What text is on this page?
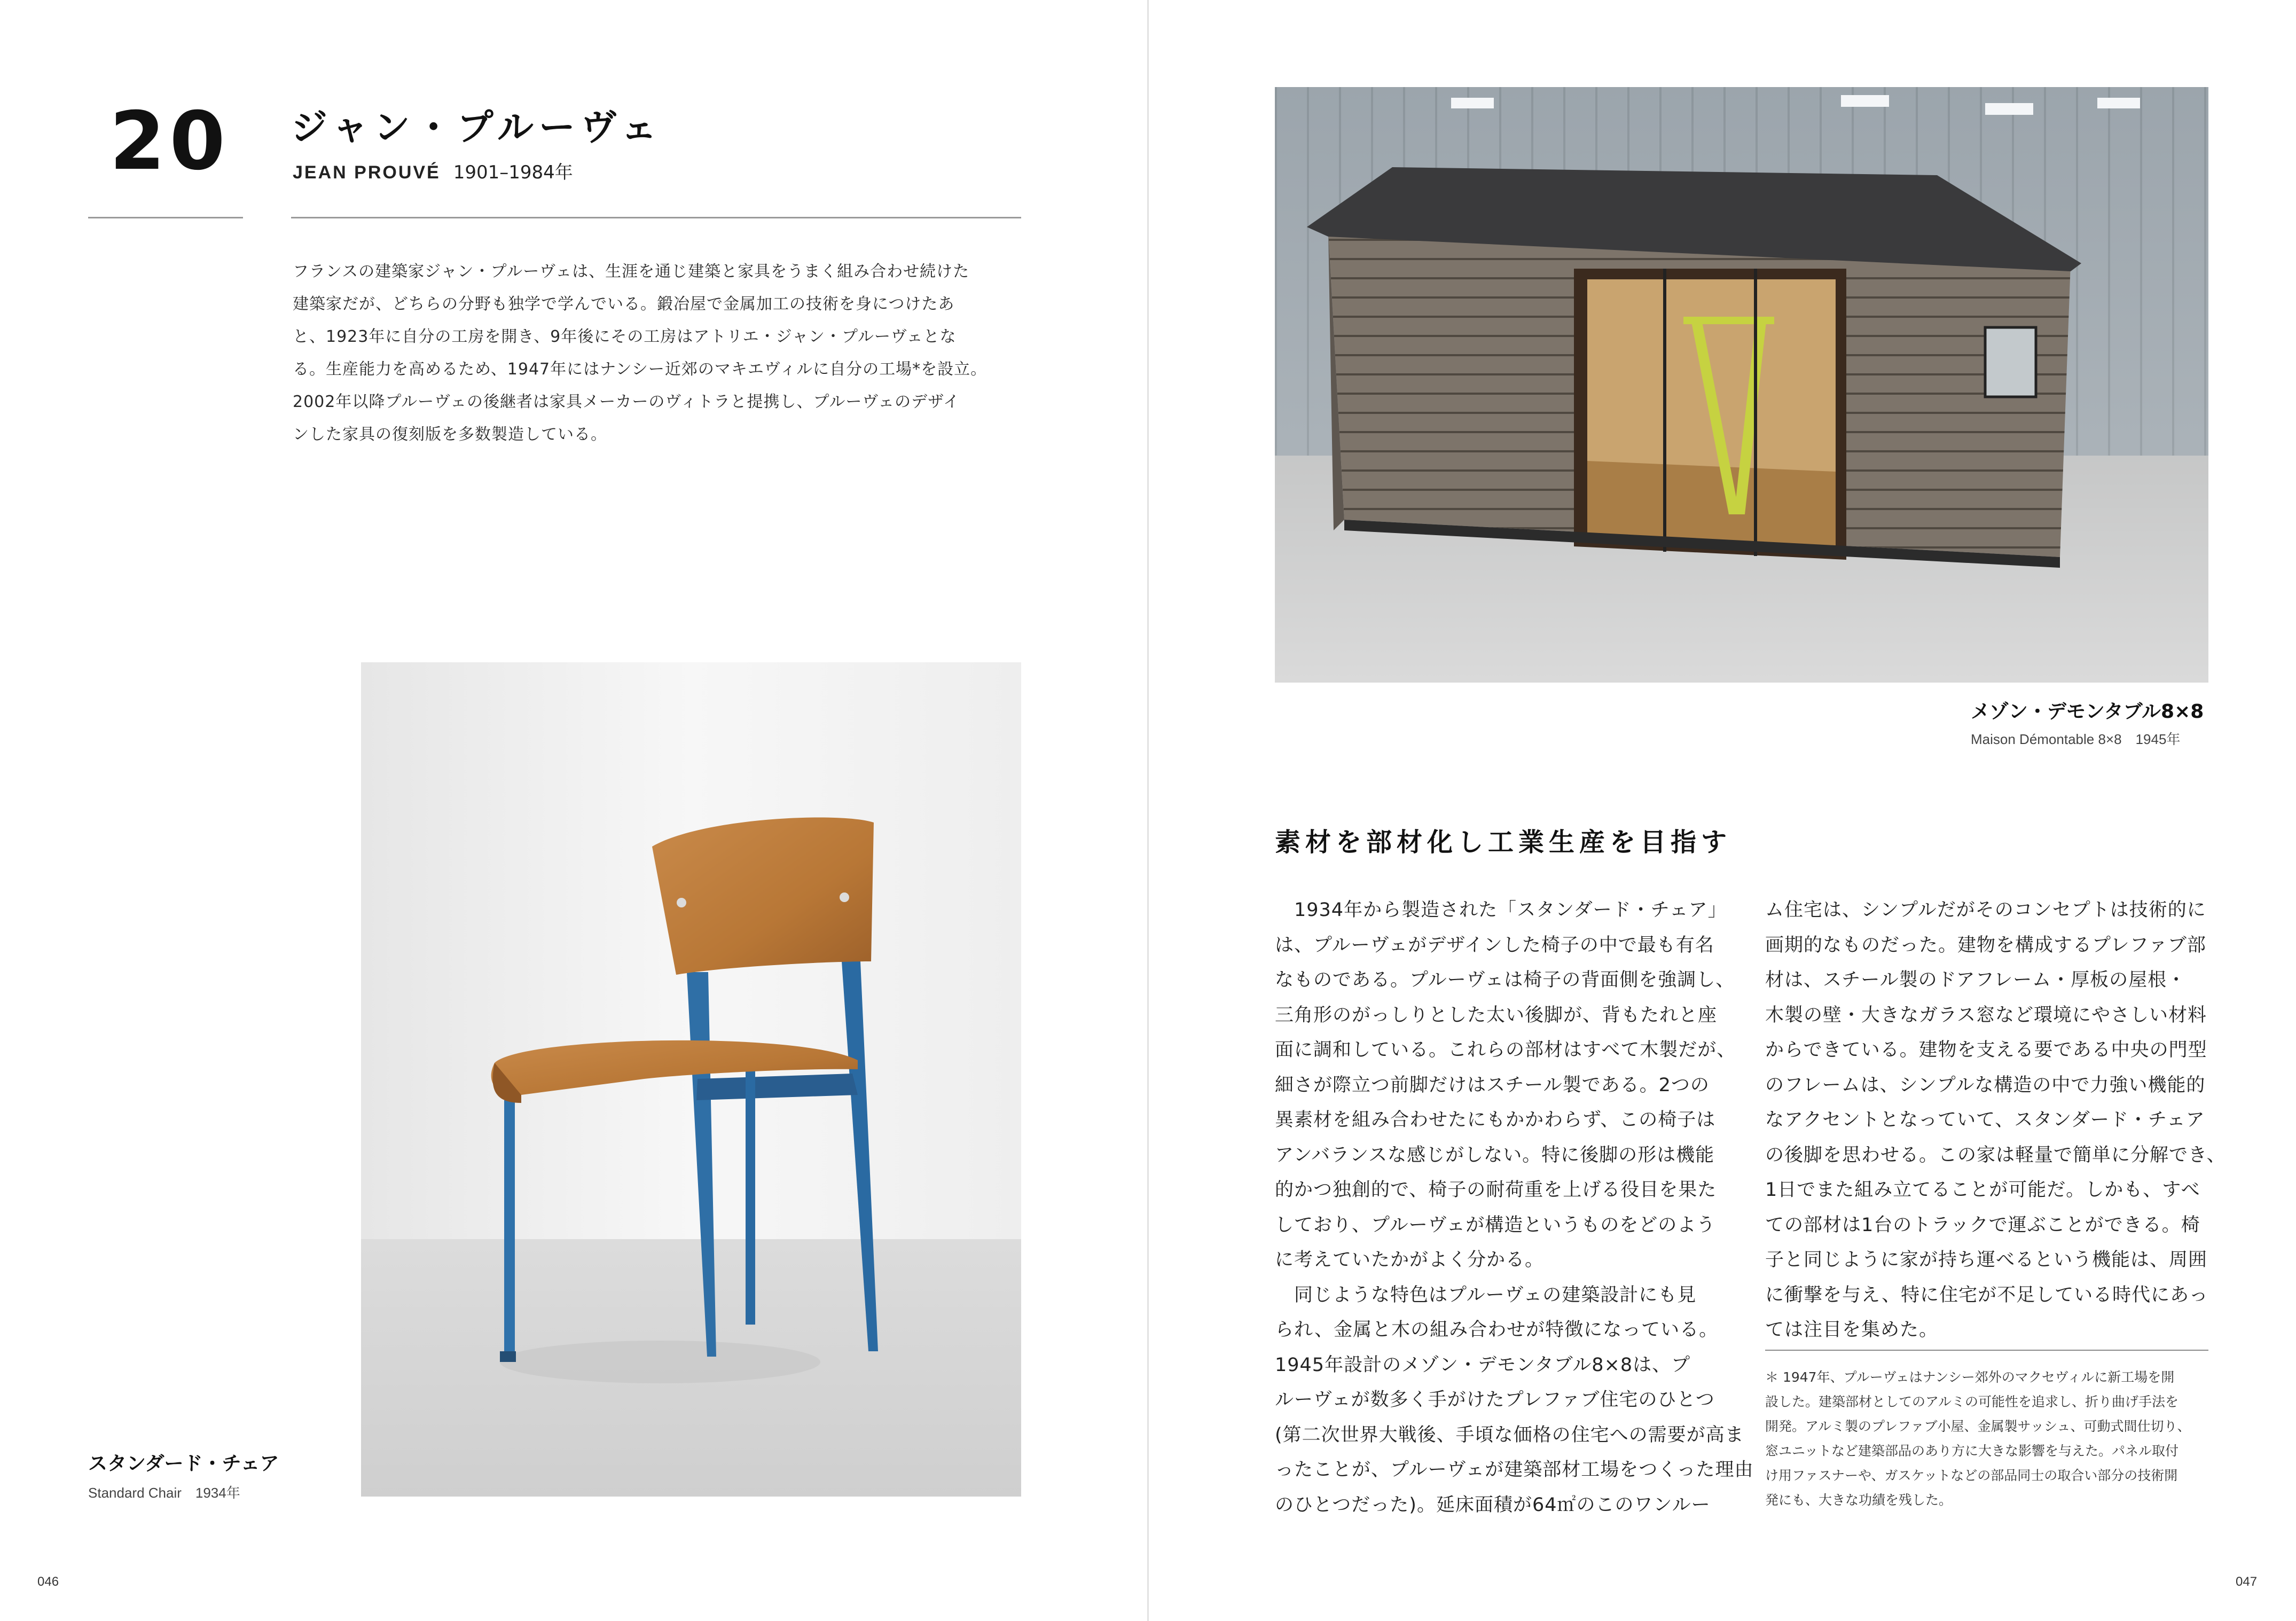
20 ジャン・プルーヴェ
JEAN PROUVÉ 1901–1984年

フランスの建築家ジャン・プルーヴェは、生涯を通じ建築と家具をうまく組み合わせ続けた

建築家だが、どちらの分野も独学で学んでいる。鍛冶屋で金属加工の技術を身につけたあ

と、1923年に自分の工房を開き、9年後にその工房はアトリエ・ジャン・プルーヴェとな

る。生産能力を高めるため、1947年にはナンシー近郊のマキエヴィルに自分の工場*を設立。

2002年以降プルーヴェの後継者は家具メーカーのヴィトラと提携し、プルーヴェのデザイ

ンした家具の復刻版を多数製造している。

スタンダード・チェア
Standard Chair　1934年
046
メゾン・デモンタブル8×8
Maison Démontable 8×8　1945年
素材を部材化し工業生産を目指す

　1934年から製造された「スタンダード・チェア」

は、プルーヴェがデザインした椅子の中で最も有名

なものである。プルーヴェは椅子の背面側を強調し、

三角形のがっしりとした太い後脚が、背もたれと座

面に調和している。これらの部材はすべて木製だが、

細さが際立つ前脚だけはスチール製である。2つの

異素材を組み合わせたにもかかわらず、この椅子は

アンバランスな感じがしない。特に後脚の形は機能

的かつ独創的で、椅子の耐荷重を上げる役目を果た

しており、プルーヴェが構造というものをどのよう

に考えていたかがよく分かる。

　同じような特色はプルーヴェの建築設計にも見

られ、金属と木の組み合わせが特徴になっている。

1945年設計のメゾン・デモンタブル8×8は、プ

ルーヴェが数多く手がけたプレファブ住宅のひとつ

(第二次世界大戦後、手頃な価格の住宅への需要が高ま

ったことが、プルーヴェが建築部材工場をつくった理由

のひとつだった)。延床面積が64㎡のこのワンルー

ム住宅は、シンプルだがそのコンセプトは技術的に

画期的なものだった。建物を構成するプレファブ部

材は、スチール製のドアフレーム・厚板の屋根・

木製の壁・大きなガラス窓など環境にやさしい材料

からできている。建物を支える要である中央の門型

のフレームは、シンプルな構造の中で力強い機能的

なアクセントとなっていて、スタンダード・チェア

の後脚を思わせる。この家は軽量で簡単に分解でき、

1日でまた組み立てることが可能だ。しかも、すべ

ての部材は1台のトラックで運ぶことができる。椅

子と同じように家が持ち運べるという機能は、周囲

に衝撃を与え、特に住宅が不足している時代にあっ

ては注目を集めた。

＊ 1947年、プルーヴェはナンシー郊外のマクセヴィルに新工場を開

設した。建築部材としてのアルミの可能性を追求し、折り曲げ手法を

開発。アルミ製のプレファブ小屋、金属製サッシュ、可動式間仕切り、

窓ユニットなど建築部品のあり方に大きな影響を与えた。パネル取付

け用ファスナーや、ガスケットなどの部品同士の取合い部分の技術開

発にも、大きな功績を残した。

047
